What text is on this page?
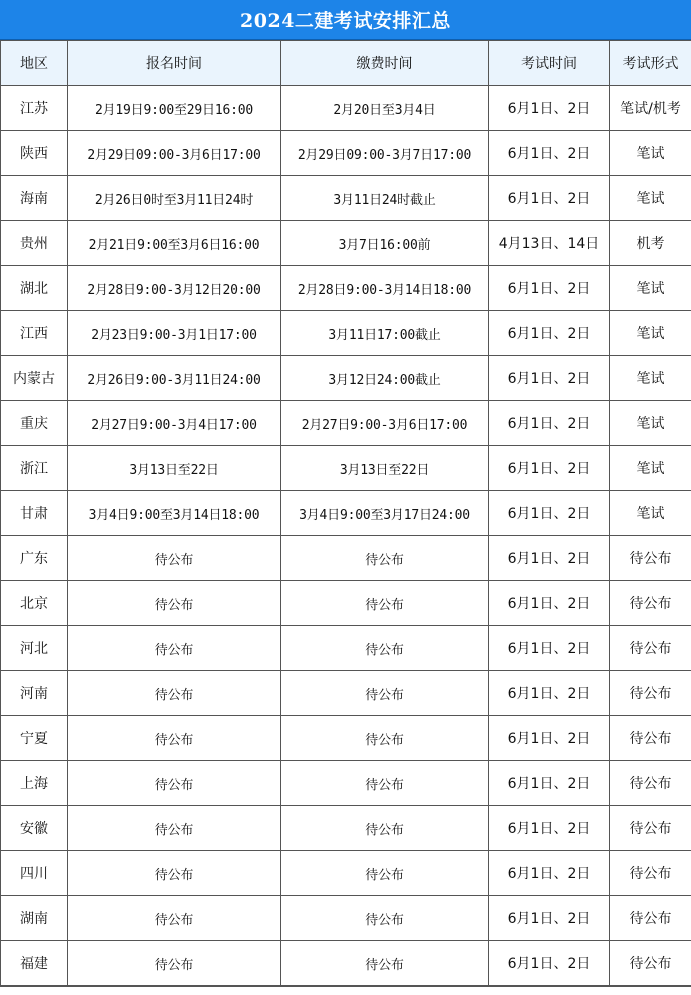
2024二建考试安排汇总
地区	报名时间	缴费时间	考试时间	考试形式
江苏	2月19日9:00至29日16:00	2月20日至3月4日	6月1日、2日	笔试/机考
陕西	2月29日09:00-3月6日17:00	2月29日09:00-3月7日17:00	6月1日、2日	笔试
海南	2月26日0时至3月11日24时	3月11日24时截止	6月1日、2日	笔试
贵州	2月21日9:00至3月6日16:00	3月7日16:00前	4月13日、14日	机考
湖北	2月28日9:00-3月12日20:00	2月28日9:00-3月14日18:00	6月1日、2日	笔试
江西	2月23日9:00-3月1日17:00	3月11日17:00截止	6月1日、2日	笔试
内蒙古	2月26日9:00-3月11日24:00	3月12日24:00截止	6月1日、2日	笔试
重庆	2月27日9:00-3月4日17:00	2月27日9:00-3月6日17:00	6月1日、2日	笔试
浙江	3月13日至22日	3月13日至22日	6月1日、2日	笔试
甘肃	3月4日9:00至3月14日18:00	3月4日9:00至3月17日24:00	6月1日、2日	笔试
广东	待公布	待公布	6月1日、2日	待公布
北京	待公布	待公布	6月1日、2日	待公布
河北	待公布	待公布	6月1日、2日	待公布
河南	待公布	待公布	6月1日、2日	待公布
宁夏	待公布	待公布	6月1日、2日	待公布
上海	待公布	待公布	6月1日、2日	待公布
安徽	待公布	待公布	6月1日、2日	待公布
四川	待公布	待公布	6月1日、2日	待公布
湖南	待公布	待公布	6月1日、2日	待公布
福建	待公布	待公布	6月1日、2日	待公布
